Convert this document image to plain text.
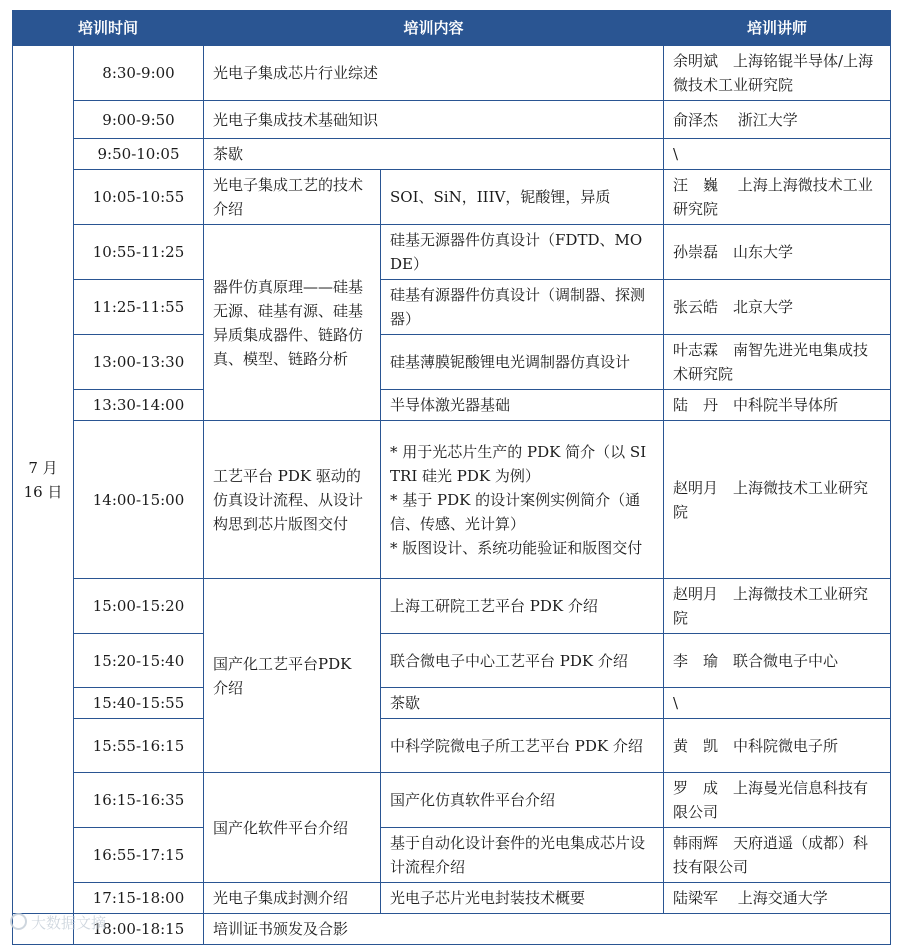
培训时间		培训内容		培训讲师
7 月
16 日	8:30-9:00	光电子集成芯片行业综述		余明斌　上海铭锟半导体/上海微技术工业研究院
	9:00-9:50	光电子集成技术基础知识		俞泽杰　 浙江大学
	9:50-10:05	茶歇		\
	10:05-10:55	光电子集成工艺的技术介绍	SOI、SiN，IIIV，铌酸锂，异质	汪　巍　 上海上海微技术工业研究院
	10:55-11:25	器件仿真原理——硅基无源、硅基有源、硅基异质集成器件、链路仿真、模型、链路分析	硅基无源器件仿真设计（FDTD、MODE）	孙崇磊　山东大学
	11:25-11:55		硅基有源器件仿真设计（调制器、探测器）	张云皓　北京大学
	13:00-13:30		硅基薄膜铌酸锂电光调制器仿真设计	叶志霖　南智先进光电集成技术研究院
	13:30-14:00		半导体激光器基础	陆　丹　中科院半导体所
	14:00-15:00	工艺平台 PDK 驱动的仿真设计流程、从设计构思到芯片版图交付	* 用于光芯片生产的 PDK 简介（以 SITRI 硅光 PDK 为例）
* 基于 PDK 的设计案例实例简介（通信、传感、光计算）
* 版图设计、系统功能验证和版图交付	赵明月　上海微技术工业研究院
	15:00-15:20	国产化工艺平台PDK 介绍	上海工研院工艺平台 PDK 介绍	赵明月　上海微技术工业研究院
	15:20-15:40		联合微电子中心工艺平台 PDK 介绍	李　瑜　联合微电子中心
	15:40-15:55		茶歇	\
	15:55-16:15		中科学院微电子所工艺平台 PDK 介绍	黄　凯　中科院微电子所
	16:15-16:35	国产化软件平台介绍	国产化仿真软件平台介绍	罗　成　上海曼光信息科技有限公司
	16:55-17:15		基于自动化设计套件的光电集成芯片设计流程介绍	韩雨辉　天府逍遥（成都）科技有限公司
	17:15-18:00	光电子集成封测介绍	光电子芯片光电封装技术概要	陆梁军　 上海交通大学
	18:00-18:15	培训证书颁发及合影		
大数据文摘
